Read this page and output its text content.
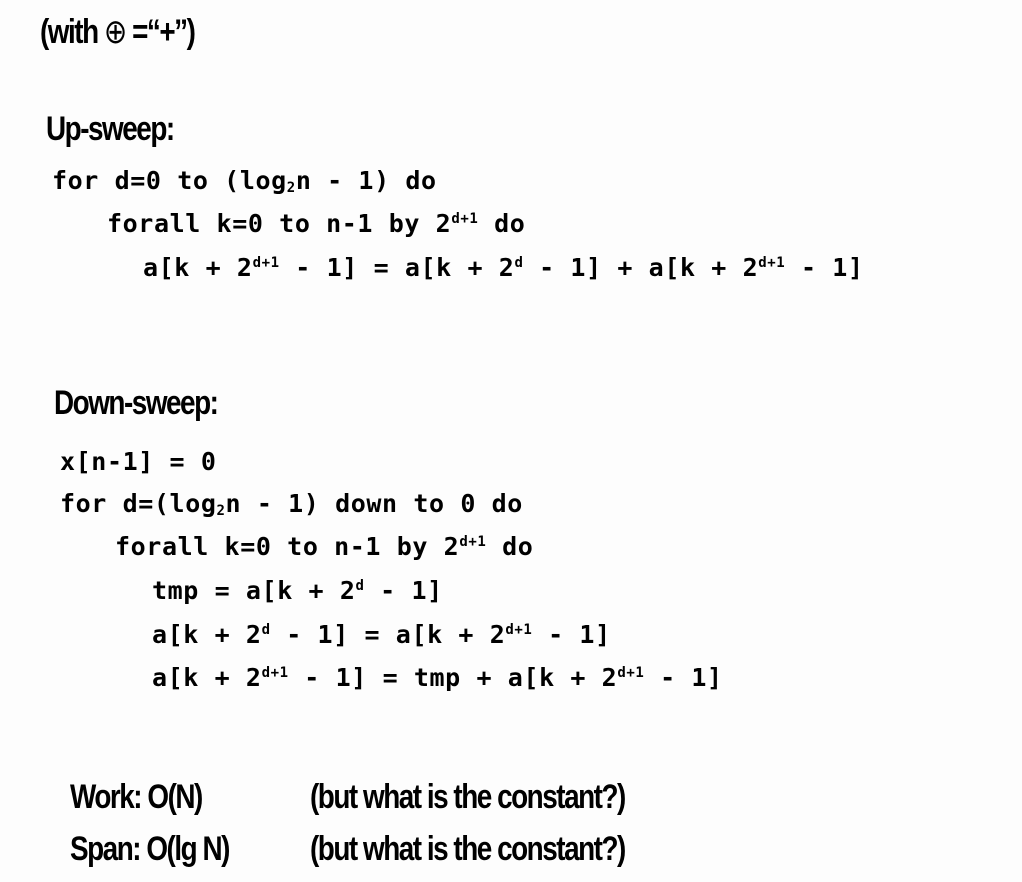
(with ⊕ =“+”)
Up-sweep:
for d=0 to $(\log_2n - 1)$ do
forall k=0 to n-1 by $2^{d+1}$ do
$a[k + 2^{d+1} - 1] = a[k + 2^d - 1] + a[k + 2^{d+1} - 1]$
Down-sweep:
x[n-1] = 0
for $d=(\log_2n - 1)$ down to 0 do
forall k=0 to n-1 by $2^{d+1}$ do
tmp = $a[k + 2^d - 1]$
$a[k + 2^d - 1] = a[k + 2^{d+1} - 1]$
$a[k + 2^{d+1} - 1]$ = tmp + $a[k + 2^{d+1} - 1]$
Work: O(N)	(but what is the constant?)
Span: O(lg N) (but what is the constant?)
